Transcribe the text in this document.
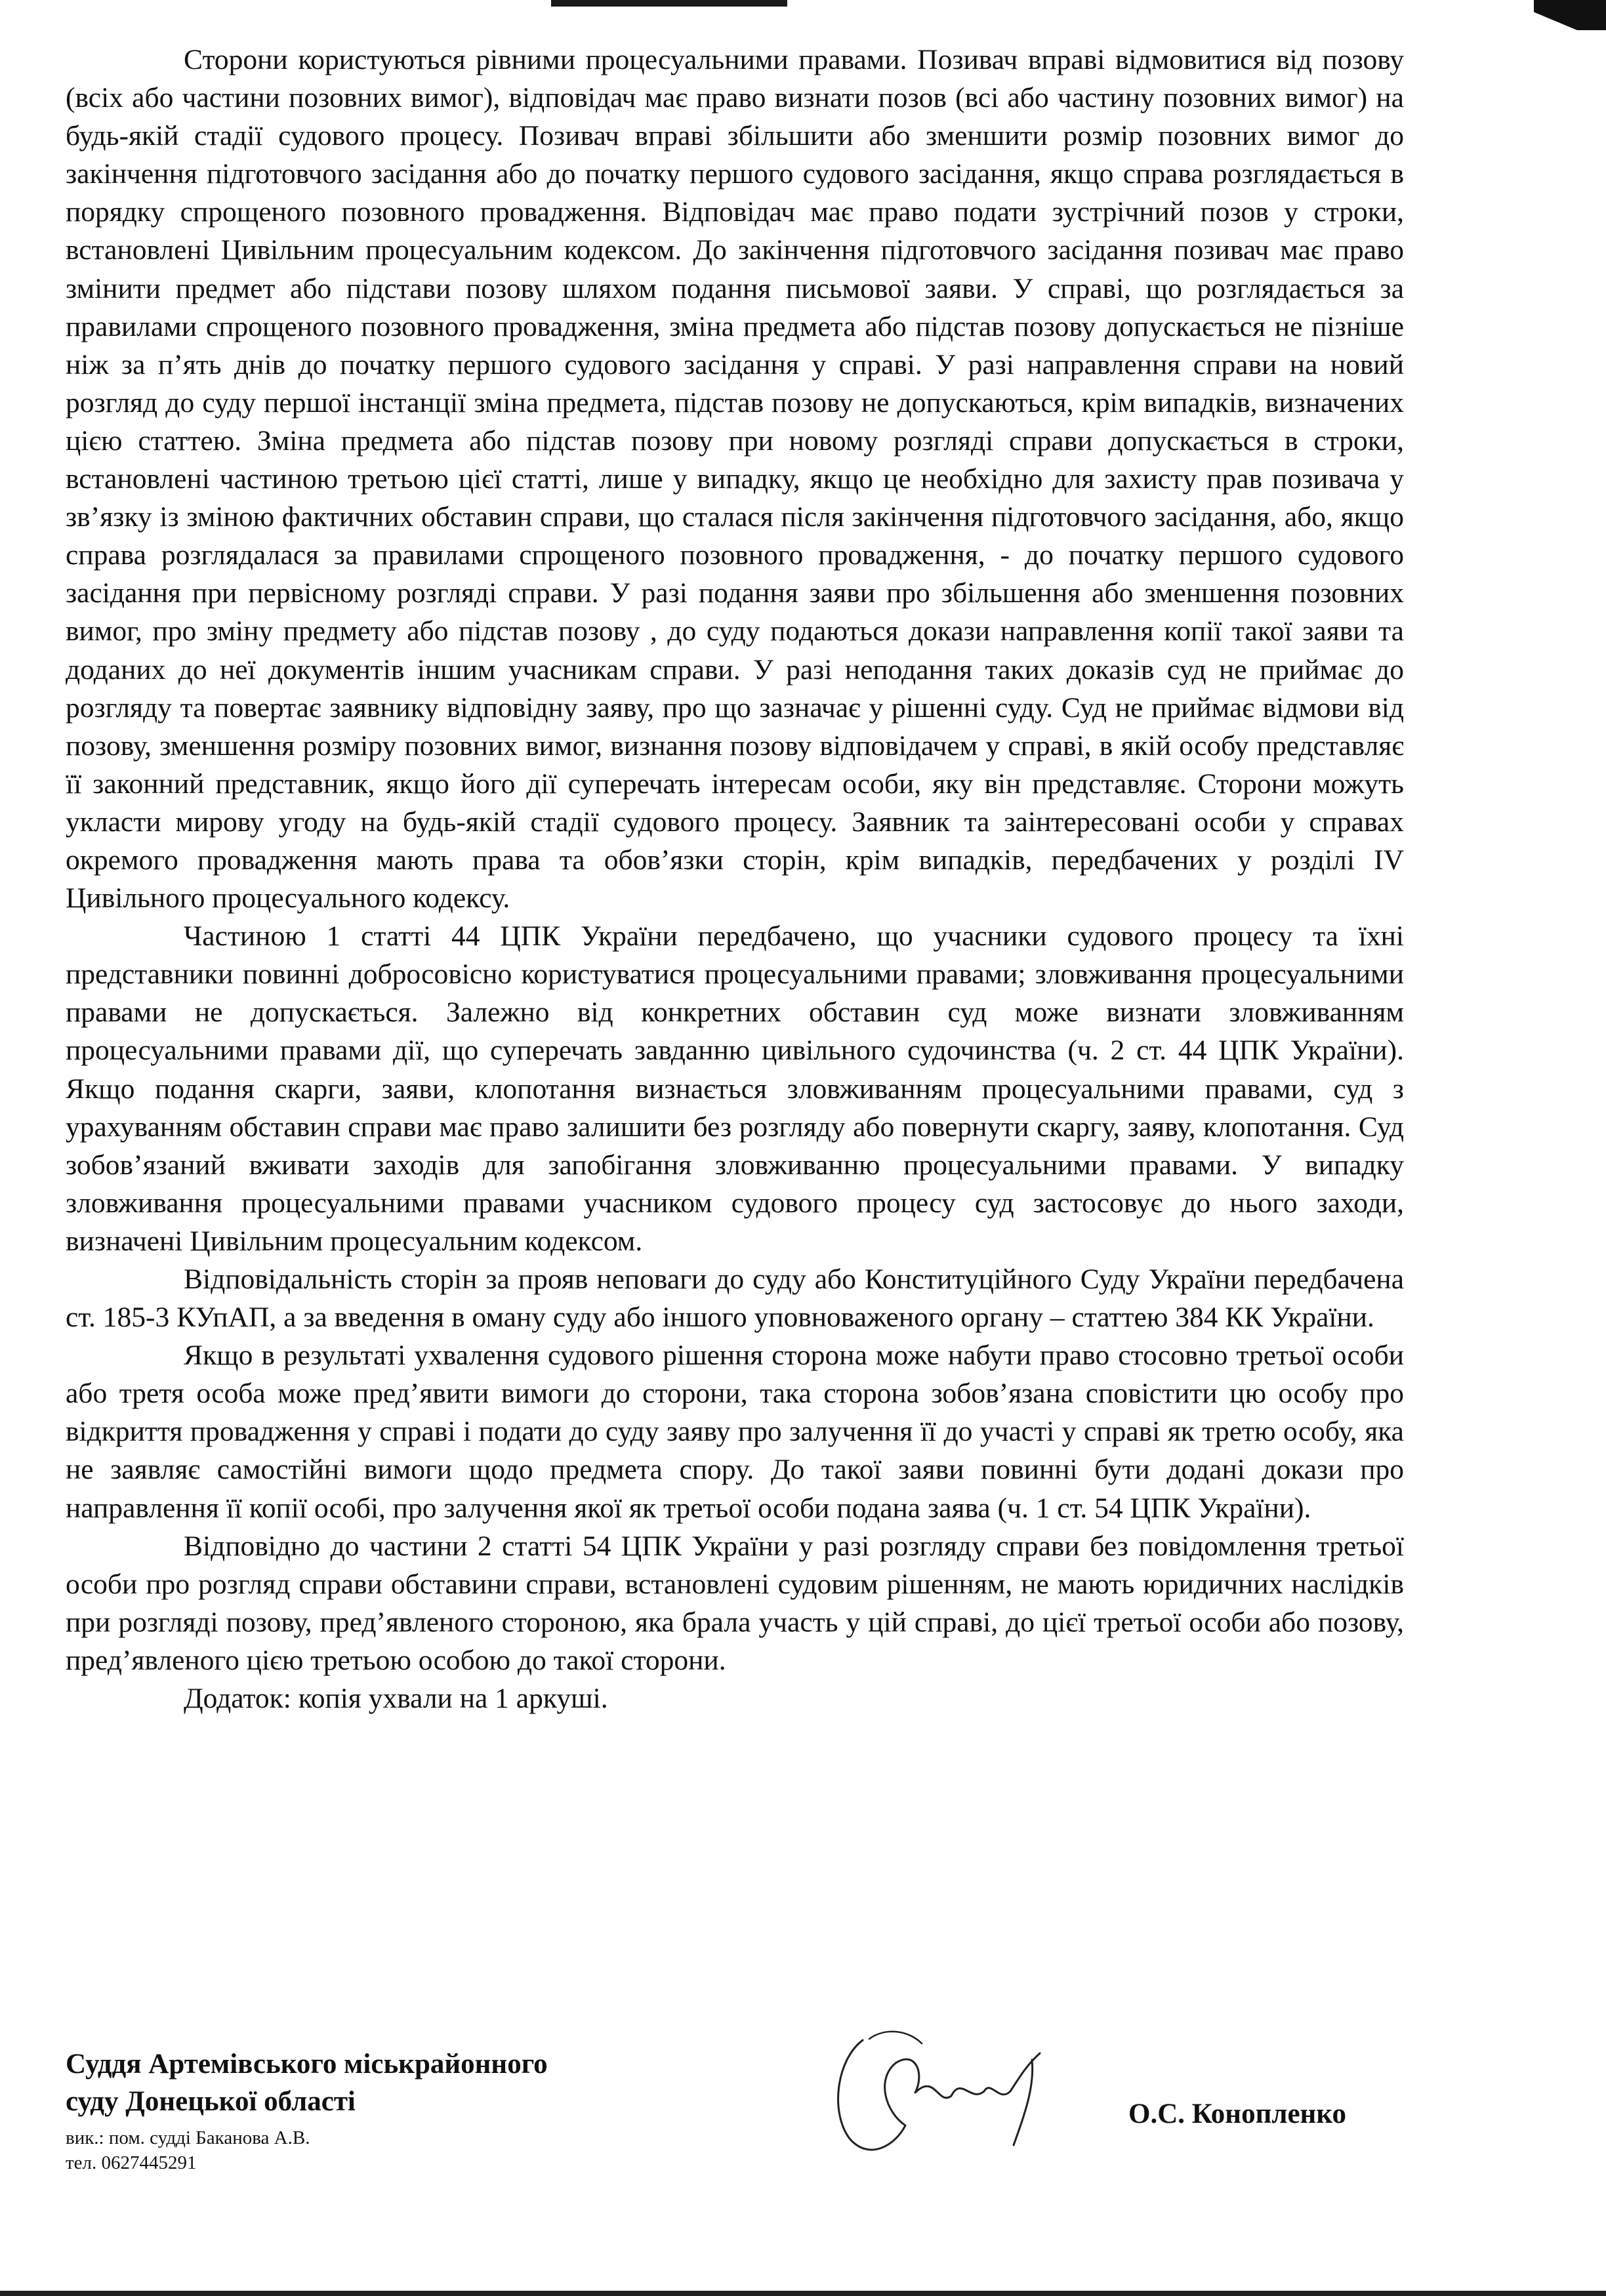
Сторони користуються рівними процесуальними правами. Позивач вправі відмовитися від позову (всіх або частини позовних вимог), відповідач має право визнати позов (всі або частину позовних вимог) на будь-якій стадії судового процесу. Позивач вправі збільшити або зменшити розмір позовних вимог до закінчення підготовчого засідання або до початку першого судового засідання, якщо справа розглядається в порядку спрощеного позовного провадження. Відповідач має право подати зустрічний позов у строки, встановлені Цивільним процесуальним кодексом. До закінчення підготовчого засідання позивач має право змінити предмет або підстави позову шляхом подання письмової заяви. У справі, що розглядається за правилами спрощеного позовного провадження, зміна предмета або підстав позову допускається не пізніше ніж за п’ять днів до початку першого судового засідання у справі. У разі направлення справи на новий розгляд до суду першої інстанції зміна предмета, підстав позову не допускаються, крім випадків, визначених цією статтею. Зміна предмета або підстав позову при новому розгляді справи допускається в строки, встановлені частиною третьою цієї статті, лише у випадку, якщо це необхідно для захисту прав позивача у зв’язку із зміною фактичних обставин справи, що сталася після закінчення підготовчого засідання, або, якщо справа розглядалася за правилами спрощеного позовного провадження, - до початку першого судового засідання при первісному розгляді справи. У разі подання заяви про збільшення або зменшення позовних вимог, про зміну предмету або підстав позову , до суду подаються докази направлення копії такої заяви та доданих до неї документів іншим учасникам справи. У разі неподання таких доказів суд не приймає до розгляду та повертає заявнику відповідну заяву, про що зазначає у рішенні суду. Суд не приймає відмови від позову, зменшення розміру позовних вимог, визнання позову відповідачем у справі, в якій особу представляє її законний представник, якщо його дії суперечать інтересам особи, яку він представляє. Сторони можуть укласти мирову угоду на будь-якій стадії судового процесу. Заявник та заінтересовані особи у справах окремого провадження мають права та обов’язки сторін, крім випадків, передбачених у розділі IV Цивільного процесуального кодексу.

Частиною 1 статті 44 ЦПК України передбачено, що учасники судового процесу та їхні представники повинні добросовісно користуватися процесуальними правами; зловживання процесуальними правами не допускається. Залежно від конкретних обставин суд може визнати зловживанням процесуальними правами дії, що суперечать завданню цивільного судочинства (ч. 2 ст. 44 ЦПК України). Якщо подання скарги, заяви, клопотання визнається зловживанням процесуальними правами, суд з урахуванням обставин справи має право залишити без розгляду або повернути скаргу, заяву, клопотання. Суд зобов’язаний вживати заходів для запобігання зловживанню процесуальними правами. У випадку зловживання процесуальними правами учасником судового процесу суд застосовує до нього заходи, визначені Цивільним процесуальним кодексом.

Відповідальність сторін за прояв неповаги до суду або Конституційного Суду України передбачена ст. 185-3 КУпАП, а за введення в оману суду або іншого уповноваженого органу – статтею 384 КК України.

Якщо в результаті ухвалення судового рішення сторона може набути право стосовно третьої особи або третя особа може пред’явити вимоги до сторони, така сторона зобов’язана сповістити цю особу про відкриття провадження у справі і подати до суду заяву про залучення її до участі у справі як третю особу, яка не заявляє самостійні вимоги щодо предмета спору. До такої заяви повинні бути додані докази про направлення її копії особі, про залучення якої як третьої особи подана заява (ч. 1 ст. 54 ЦПК України).

Відповідно до частини 2 статті 54 ЦПК України у разі розгляду справи без повідомлення третьої особи про розгляд справи обставини справи, встановлені судовим рішенням, не мають юридичних наслідків при розгляді позову, пред’явленого стороною, яка брала участь у цій справі, до цієї третьої особи або позову, пред’явленого цією третьою особою до такої сторони.

Додаток: копія ухвали на 1 аркуші.

Суддя Артемівського міськрайонного
суду Донецької області
вик.: пом. судді Баканова А.В.
тел. 0627445291
О.С. Конопленко
